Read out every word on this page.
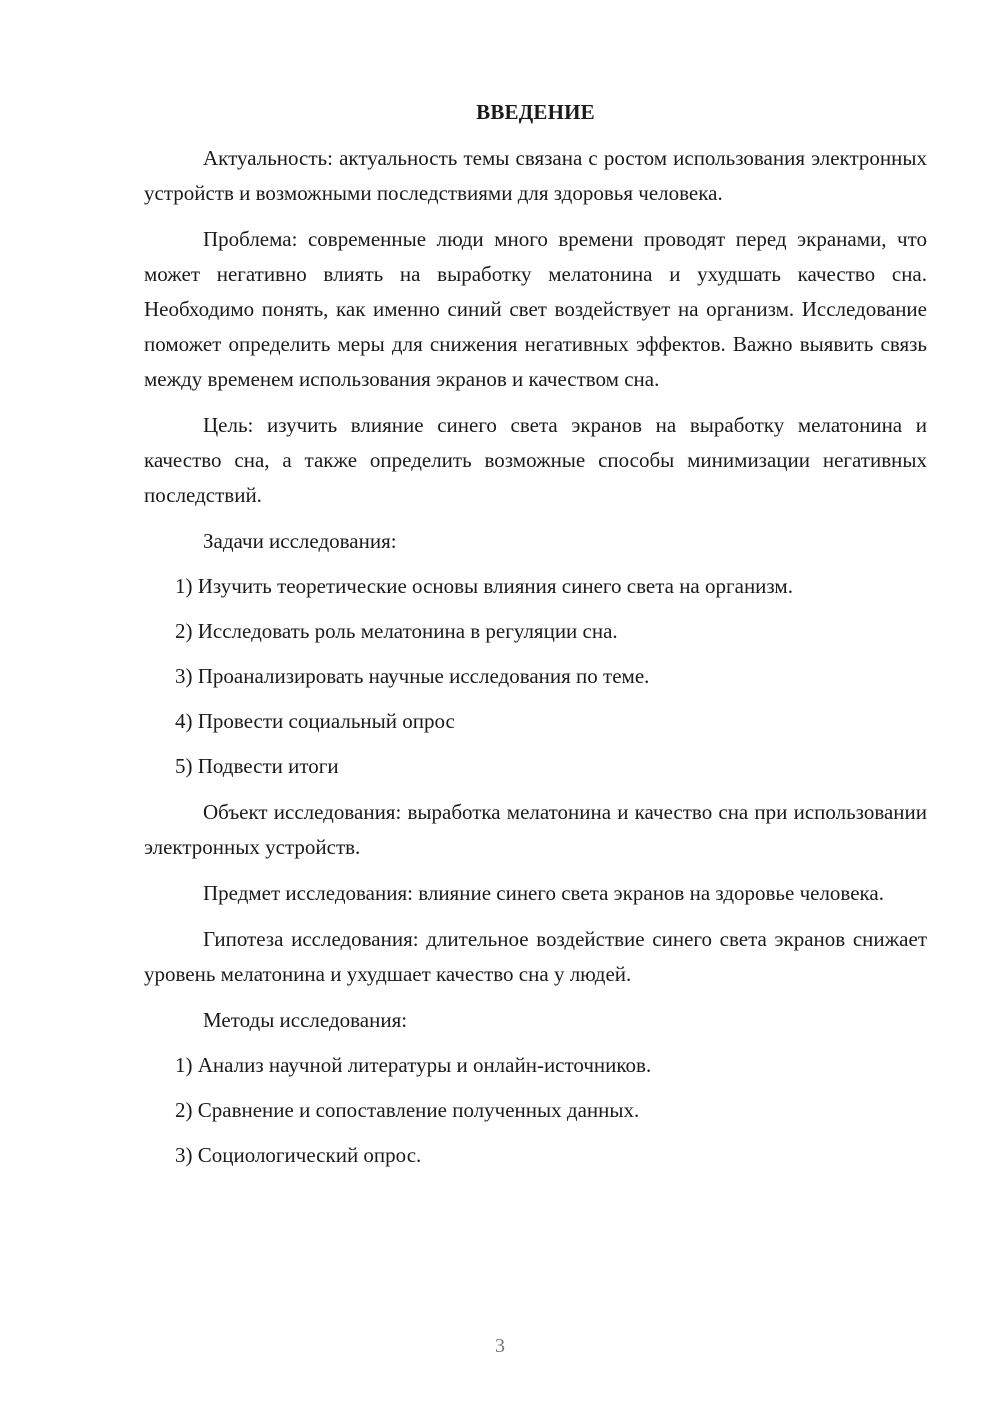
ВВЕДЕНИЕ

Актуальность: актуальность темы связана с ростом использования электронных устройств и возможными последствиями для здоровья человека.

Проблема: современные люди много времени проводят перед экранами, что может негативно влиять на выработку мелатонина и ухудшать качество сна. Необходимо понять, как именно синий свет воздействует на организм. Исследование поможет определить меры для снижения негативных эффектов. Важно выявить связь между временем использования экранов и качеством сна.

Цель: изучить влияние синего света экранов на выработку мелатонина и качество сна, а также определить возможные способы минимизации негативных последствий.

Задачи исследования:

1) Изучить теоретические основы влияния синего света на организм.
2) Исследовать роль мелатонина в регуляции сна.
3) Проанализировать научные исследования по теме.
4) Провести социальный опрос
5) Подвести итоги

Объект исследования: выработка мелатонина и качество сна при использовании электронных устройств.

Предмет исследования: влияние синего света экранов на здоровье человека.

Гипотеза исследования: длительное воздействие синего света экранов снижает уровень мелатонина и ухудшает качество сна у людей.

Методы исследования:

1) Анализ научной литературы и онлайн-источников.
2) Сравнение и сопоставление полученных данных.
3) Социологический опрос.
3
